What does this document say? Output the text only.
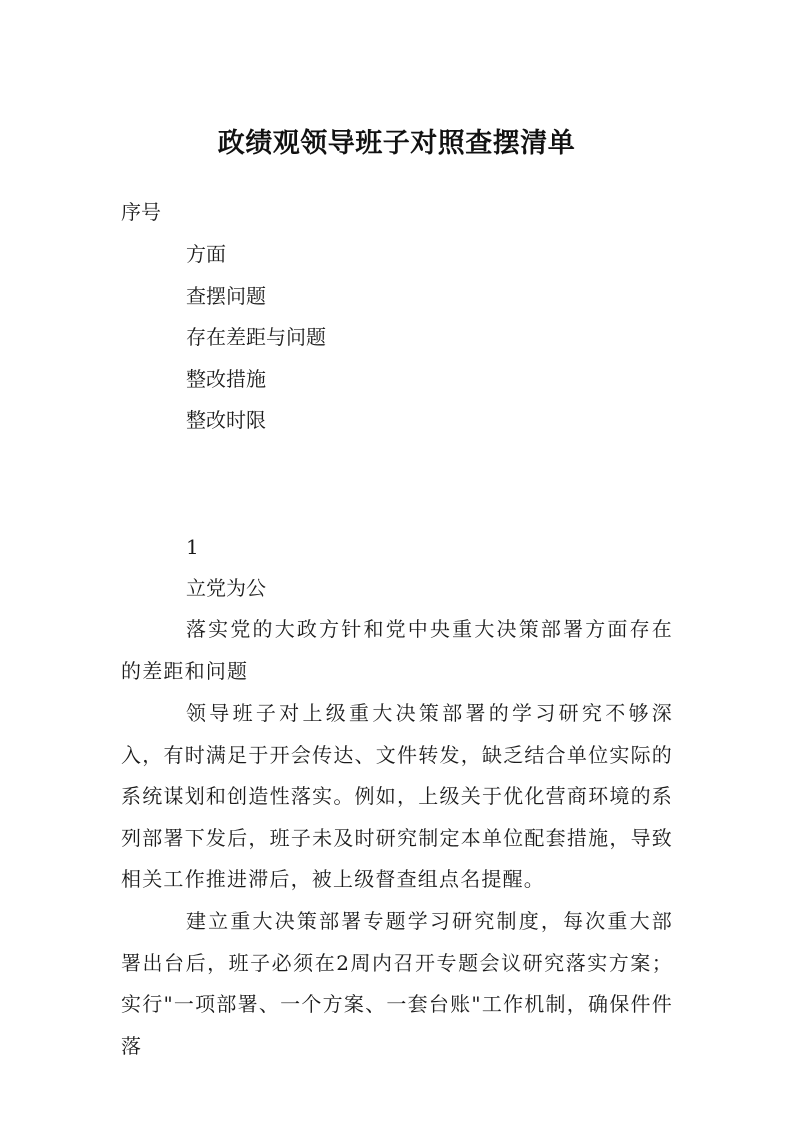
政绩观领导班子对照查摆清单
序号
方面
查摆问题
存在差距与问题
整改措施
整改时限
1
立党为公
落实党的大政方针和党中央重大决策部署方面存在的差距和问题
领导班子对上级重大决策部署的学习研究不够深入，有时满足于开会传达、文件转发，缺乏结合单位实际的系统谋划和创造性落实。例如，上级关于优化营商环境的系列部署下发后，班子未及时研究制定本单位配套措施，导致相关工作推进滞后，被上级督查组点名提醒。
建立重大决策部署专题学习研究制度，每次重大部署出台后，班子必须在2周内召开专题会议研究落实方案；实行"一项部署、一个方案、一套台账"工作机制，确保件件落
